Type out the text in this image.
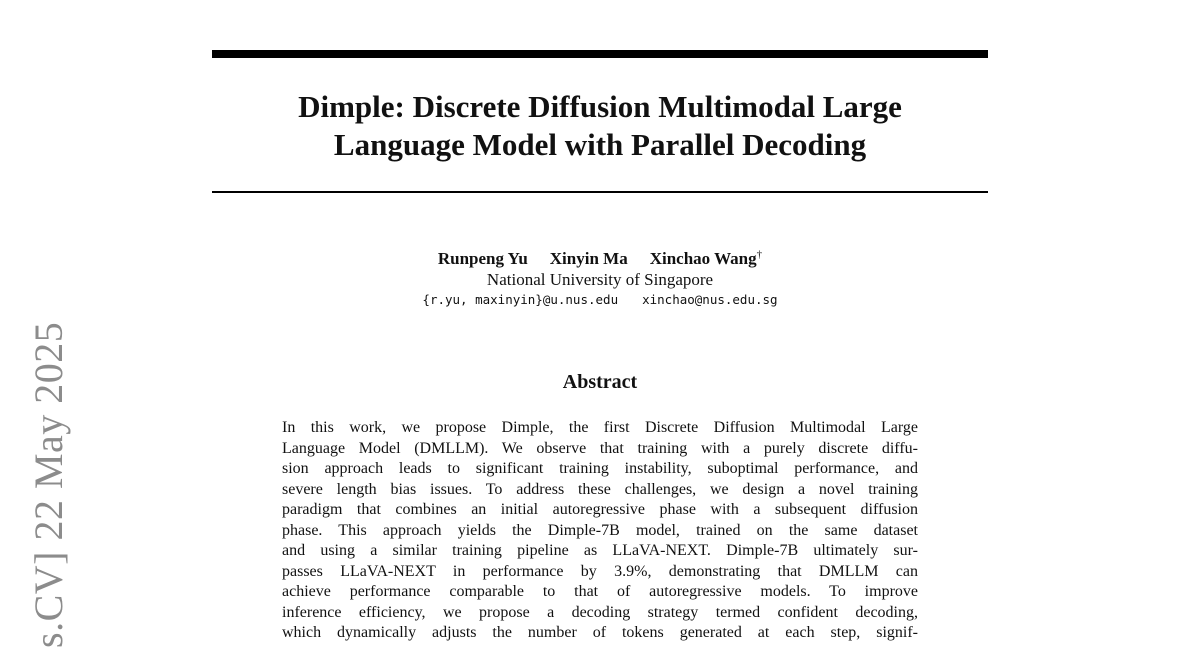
s.CV] 22 May 2025
Dimple: Discrete Diffusion Multimodal Large
Language Model with Parallel Decoding
Runpeng Yu Xinyin Ma Xinchao Wang†
National University of Singapore
{r.yu, maxinyin}@u.nus.edu xinchao@nus.edu.sg
Abstract
In this work, we propose Dimple, the first Discrete Diffusion Multimodal Large
Language Model (DMLLM). We observe that training with a purely discrete diffu-
sion approach leads to significant training instability, suboptimal performance, and
severe length bias issues. To address these challenges, we design a novel training
paradigm that combines an initial autoregressive phase with a subsequent diffusion
phase. This approach yields the Dimple-7B model, trained on the same dataset
and using a similar training pipeline as LLaVA-NEXT. Dimple-7B ultimately sur-
passes LLaVA-NEXT in performance by 3.9%, demonstrating that DMLLM can
achieve performance comparable to that of autoregressive models. To improve
inference efficiency, we propose a decoding strategy termed confident decoding,
which dynamically adjusts the number of tokens generated at each step, signif-
